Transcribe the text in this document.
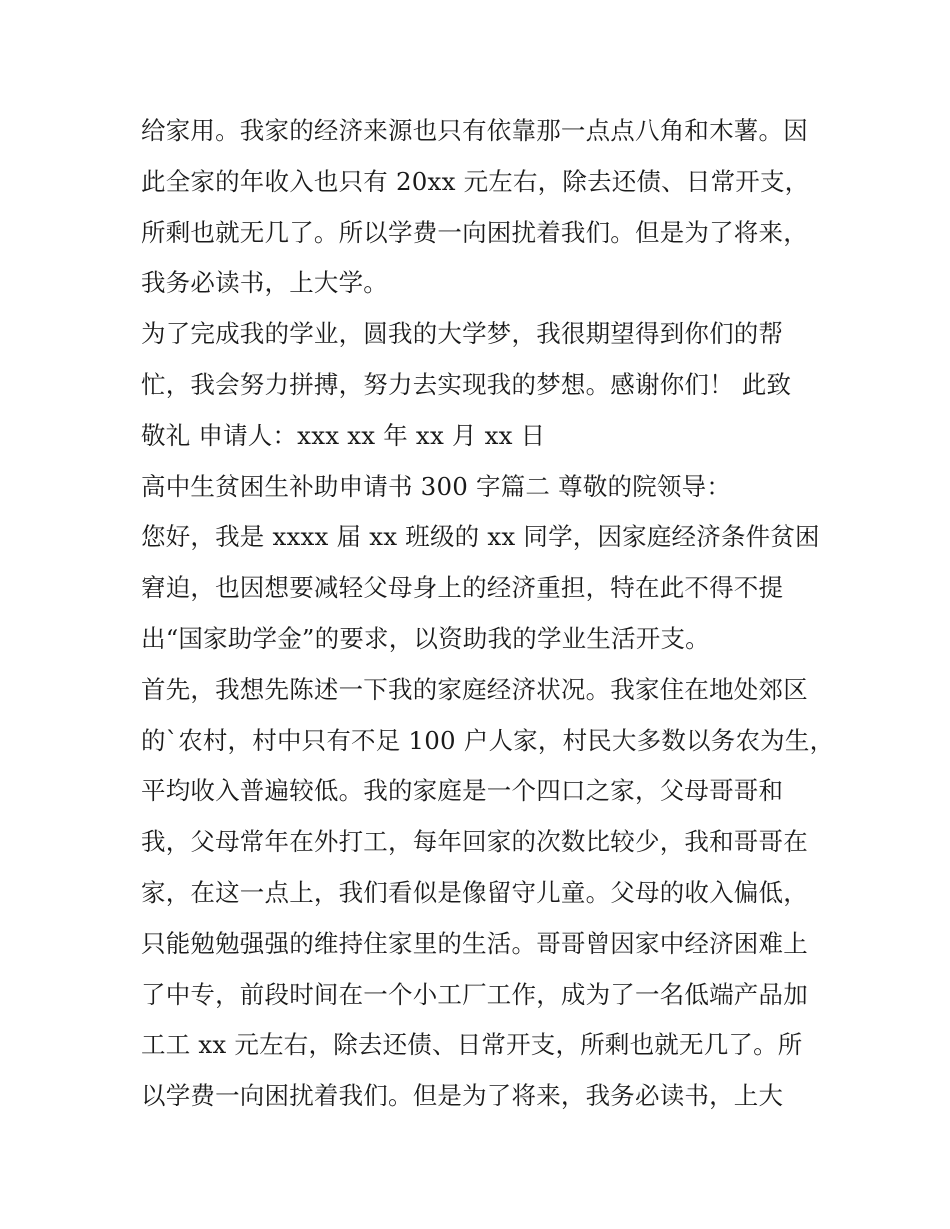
给家用。我家的经济来源也只有依靠那一点点八角和木薯。因
此全家的年收入也只有 20xx 元左右，除去还债、日常开支，
所剩也就无几了。所以学费一向困扰着我们。但是为了将来，
我务必读书，上大学。
为了完成我的学业，圆我的大学梦，我很期望得到你们的帮
忙，我会努力拼搏，努力去实现我的梦想。感谢你们！ 此致
敬礼 申请人：xxx xx 年 xx 月 xx 日
高中生贫困生补助申请书 300 字篇二 尊敬的院领导：
您好，我是 xxxx 届 xx 班级的 xx 同学，因家庭经济条件贫困
窘迫，也因想要减轻父母身上的经济重担，特在此不得不提
出“国家助学金”的要求，以资助我的学业生活开支。
首先，我想先陈述一下我的家庭经济状况。我家住在地处郊区
的`农村，村中只有不足 100 户人家，村民大多数以务农为生，
平均收入普遍较低。我的家庭是一个四口之家，父母哥哥和
我，父母常年在外打工，每年回家的次数比较少，我和哥哥在
家，在这一点上，我们看似是像留守儿童。父母的收入偏低，
只能勉勉强强的维持住家里的生活。哥哥曾因家中经济困难上
了中专，前段时间在一个小工厂工作，成为了一名低端产品加
工工 xx 元左右，除去还债、日常开支，所剩也就无几了。所
以学费一向困扰着我们。但是为了将来，我务必读书，上大
